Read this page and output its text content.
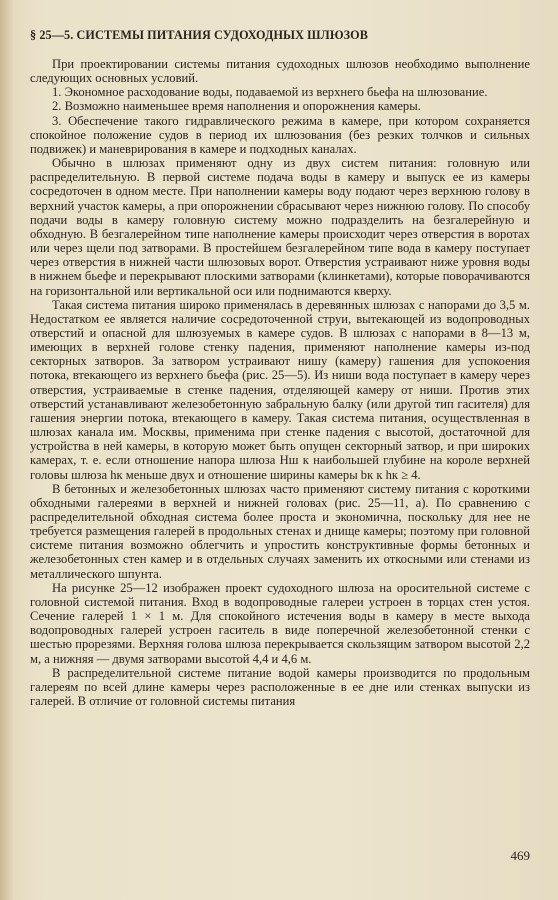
§ 25—5. СИСТЕМЫ ПИТАНИЯ СУДОХОДНЫХ ШЛЮЗОВ

При проектировании системы питания судоходных шлюзов необходимо выполнение следующих основных условий.

1. Экономное расходование воды, подаваемой из верхнего бьефа на шлюзование.

2. Возможно наименьшее время наполнения и опорожнения камеры.

3. Обеспечение такого гидравлического режима в камере, при котором сохраняется спокойное положение судов в период их шлюзования (без резких толчков и сильных подвижек) и маневрирования в камере и подходных каналах.

Обычно в шлюзах применяют одну из двух систем питания: головную или распределительную. В первой системе подача воды в камеру и выпуск ее из камеры сосредоточен в одном месте. При наполнении камеры воду подают через верхнюю голову в верхний участок камеры, а при опорожнении сбрасывают через нижнюю голову. По способу подачи воды в камеру головную систему можно подразделить на безгалерейную и обходную. В безгалерейном типе наполнение камеры происходит через отверстия в воротах или через щели под затворами. В простейшем безгалерейном типе вода в камеру поступает через отверстия в нижней части шлюзовых ворот. Отверстия устраивают ниже уровня воды в нижнем бьефе и перекрывают плоскими затворами (клинкетами), которые поворачиваются на горизонтальной или вертикальной оси или поднимаются кверху.

Такая система питания широко применялась в деревянных шлюзах с напорами до 3,5 м. Недостатком ее является наличие сосредоточенной струи, вытекающей из водопроводных отверстий и опасной для шлюзуемых в камере судов. В шлюзах с напорами в 8—13 м, имеющих в верхней голове стенку падения, применяют наполнение камеры из-под секторных затворов. За затвором устраивают нишу (камеру) гашения для успокоения потока, втекающего из верхнего бьефа (рис. 25—5). Из ниши вода поступает в камеру через отверстия, устраиваемые в стенке падения, отделяющей камеру от ниши. Против этих отверстий устанавливают железобетонную забральную балку (или другой тип гасителя) для гашения энергии потока, втекающего в камеру. Такая система питания, осуществленная в шлюзах канала им. Москвы, применима при стенке падения с высотой, достаточной для устройства в ней камеры, в которую может быть опущен секторный затвор, и при широких камерах, т. е. если отношение напора шлюза Hш к наибольшей глубине на короле верхней головы шлюза hк меньше двух и отношение ширины камеры bк к hк ≥ 4.

В бетонных и железобетонных шлюзах часто применяют систему питания с короткими обходными галереями в верхней и нижней головах (рис. 25—11, а). По сравнению с распределительной обходная система более проста и экономична, поскольку для нее не требуется размещения галерей в продольных стенах и днище камеры; поэтому при головной системе питания возможно облегчить и упростить конструктивные формы бетонных и железобетонных стен камер и в отдельных случаях заменить их откосными или стенами из металлического шпунта.

На рисунке 25—12 изображен проект судоходного шлюза на оросительной системе с головной системой питания. Вход в водопроводные галереи устроен в торцах стен устоя. Сечение галерей 1 × 1 м. Для спокойного истечения воды в камеру в месте выхода водопроводных галерей устроен гаситель в виде поперечной железобетонной стенки с шестью прорезями. Верхняя голова шлюза перекрывается скользящим затвором высотой 2,2 м, а нижняя — двумя затворами высотой 4,4 и 4,6 м.

В распределительной системе питание водой камеры производится по продольным галереям по всей длине камеры через расположенные в ее дне или стенках выпуски из галерей. В отличие от головной системы питания

469
